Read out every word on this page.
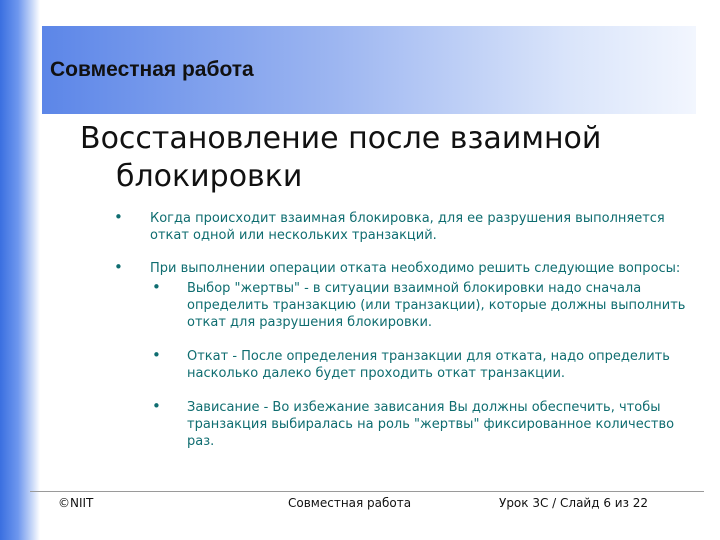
Совместная работа
Восстановление после взаимной
блокировки
• Когда происходит взаимная блокировка, для ее разрушения выполняется откат одной или нескольких транзакций.
• При выполнении операции отката необходимо решить следующие вопросы:
• Выбор "жертвы" - в ситуации взаимной блокировки надо сначала определить транзакцию (или транзакции), которые должны выполнить откат для разрушения блокировки.
• Откат - После определения транзакции для отката, надо определить насколько далеко будет проходить откат транзакции.
• Зависание - Во избежание зависания Вы должны обеспечить, чтобы транзакция выбиралась на роль "жертвы" фиксированное количество раз.
©NIIT	Совместная работа	Урок 3C / Слайд 6 из 22
